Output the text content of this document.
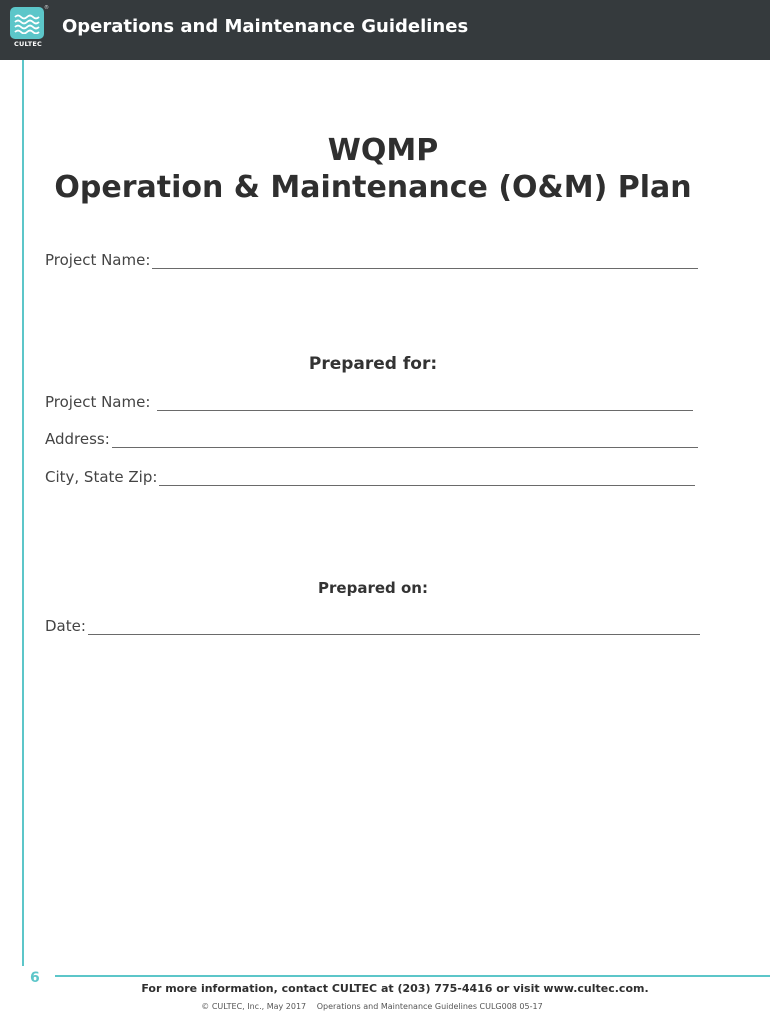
®
CULTEC
Operations and Maintenance Guidelines
WQMP
Operation & Maintenance (O&M) Plan
Project Name:
Prepared for:
Project Name:
Address:
City, State Zip:
Prepared on:
Date:
6
For more information, contact CULTEC at (203) 775-4416 or visit www.cultec.com.
© CULTEC, Inc., May 2017 Operations and Maintenance Guidelines CULG008 05-17
